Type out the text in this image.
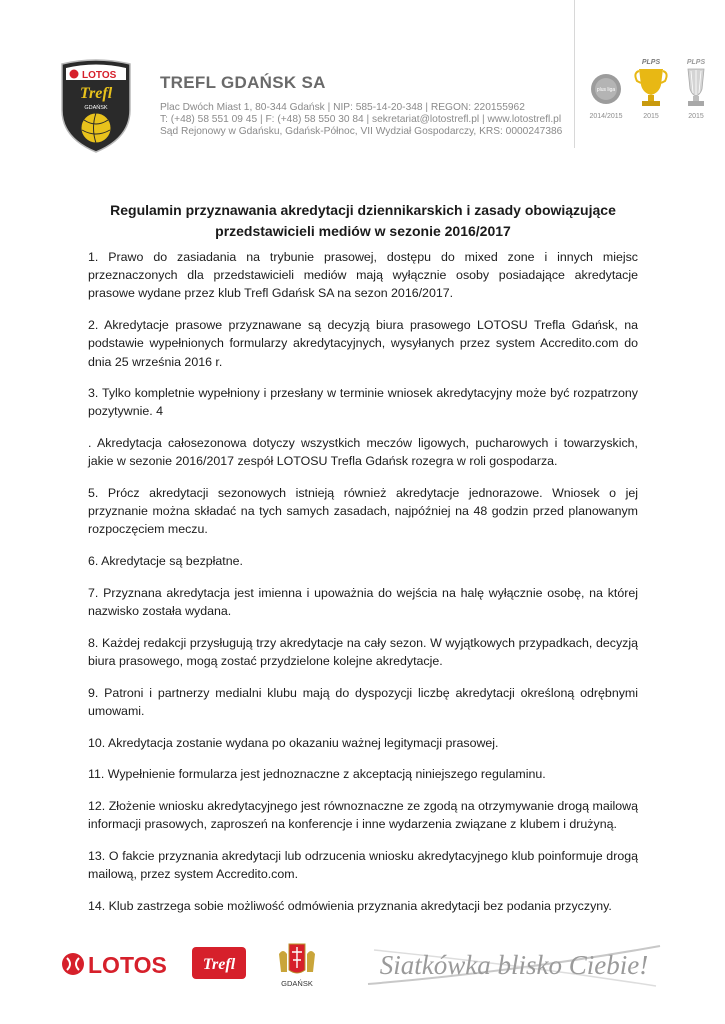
LOTOS
Trefl
GDAŃSK
TREFL GDAŃSK SA
Plac Dwóch Miast 1, 80-344 Gdańsk | NIP: 585-14-20-348 | REGON: 220155962
T: (+48) 58 551 09 45 | F: (+48) 58 550 30 84 | sekretariat@lotostrefl.pl | www.lotostrefl.pl
Sąd Rejonowy w Gdańsku, Gdańsk-Północ, VII Wydział Gospodarczy, KRS: 0000247386
plus liga
2014/2015
PLPS
2015
PLPS
2015
Regulamin przyznawania akredytacji dziennikarskich i zasady obowiązujące przedstawicieli mediów w sezonie 2016/2017

1. Prawo do zasiadania na trybunie prasowej, dostępu do mixed zone i innych miejsc przeznaczonych dla przedstawicieli mediów mają wyłącznie osoby posiadające akredytacje prasowe wydane przez klub Trefl Gdańsk SA na sezon 2016/2017.

2. Akredytacje prasowe przyznawane są decyzją biura prasowego LOTOSU Trefla Gdańsk, na podstawie wypełnionych formularzy akredytacyjnych, wysyłanych przez system Accredito.com do dnia 25 września 2016 r.

3. Tylko kompletnie wypełniony i przesłany w terminie wniosek akredytacyjny może być rozpatrzony pozytywnie. 4

. Akredytacja całosezonowa dotyczy wszystkich meczów ligowych, pucharowych i towarzyskich, jakie w sezonie 2016/2017 zespół LOTOSU Trefla Gdańsk rozegra w roli gospodarza.

5. Prócz akredytacji sezonowych istnieją również akredytacje jednorazowe. Wniosek o jej przyznanie można składać na tych samych zasadach, najpóźniej na 48 godzin przed planowanym rozpoczęciem meczu.

6. Akredytacje są bezpłatne.

7. Przyznana akredytacja jest imienna i upoważnia do wejścia na halę wyłącznie osobę, na której nazwisko została wydana.

8. Każdej redakcji przysługują trzy akredytacje na cały sezon. W wyjątkowych przypadkach, decyzją biura prasowego, mogą zostać przydzielone kolejne akredytacje.

9. Patroni i partnerzy medialni klubu mają do dyspozycji liczbę akredytacji określoną odrębnymi umowami.

10. Akredytacja zostanie wydana po okazaniu ważnej legitymacji prasowej.

11. Wypełnienie formularza jest jednoznaczne z akceptacją niniejszego regulaminu.

12. Złożenie wniosku akredytacyjnego jest równoznaczne ze zgodą na otrzymywanie drogą mailową informacji prasowych, zaproszeń na konferencje i inne wydarzenia związane z klubem i drużyną.

13. O fakcie przyznania akredytacji lub odrzucenia wniosku akredytacyjnego klub poinformuje drogą mailową, przez system Accredito.com.

14. Klub zastrzega sobie możliwość odmówienia przyznania akredytacji bez podania przyczyny.

LOTOS Trefl
GDAŃSK
Siatkówka blisko Ciebie!
